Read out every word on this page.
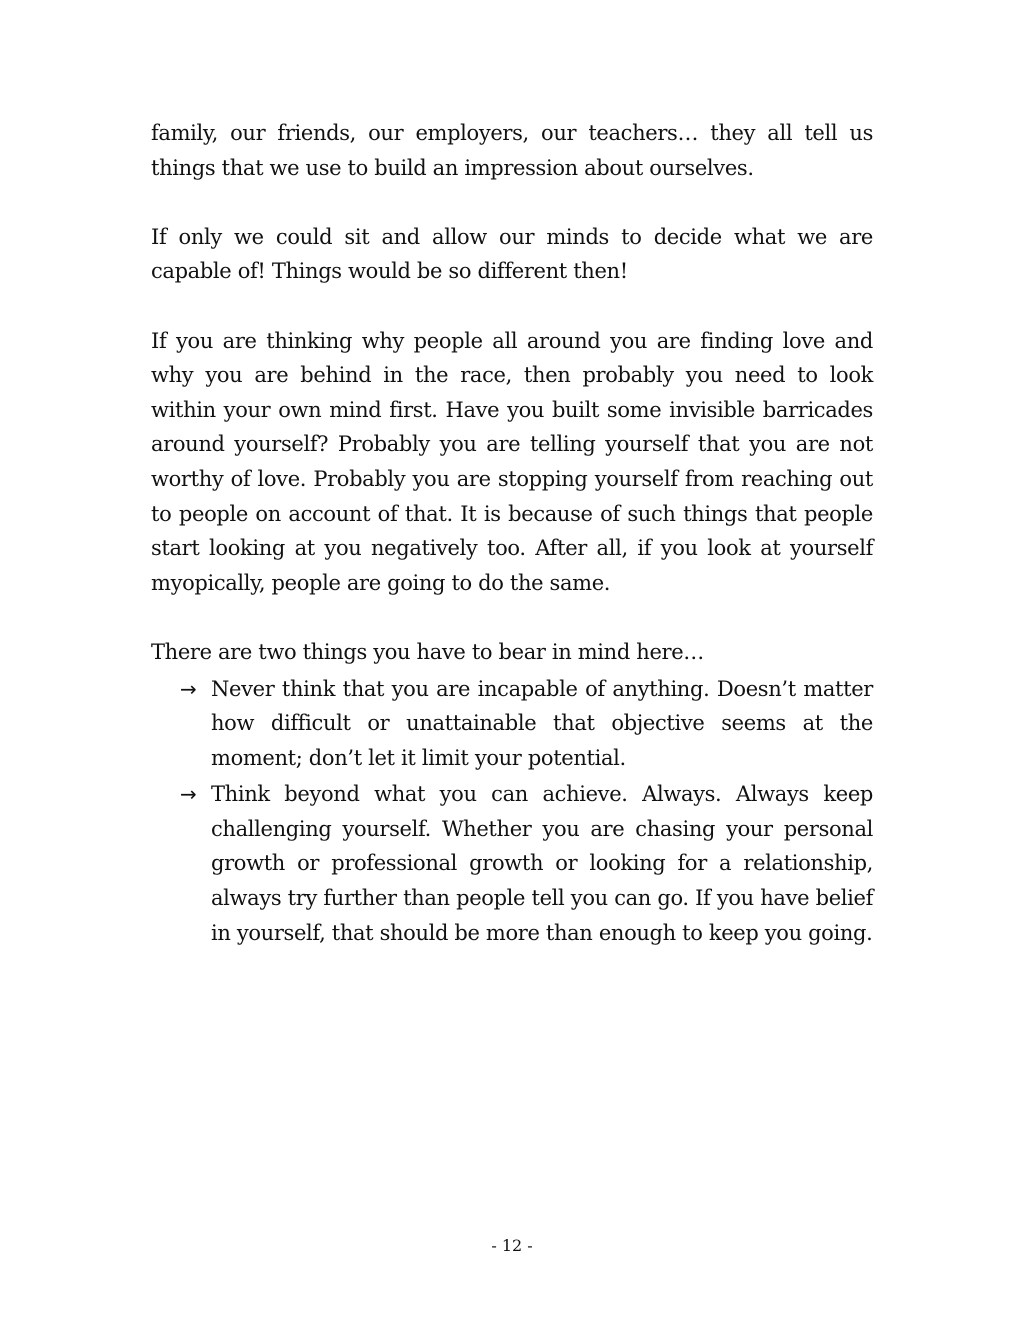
family, our friends, our employers, our teachers… they all tell us things that we use to build an impression about ourselves.

If only we could sit and allow our minds to decide what we are capable of! Things would be so different then!

If you are thinking why people all around you are finding love and why you are behind in the race, then probably you need to look within your own mind first. Have you built some invisible barricades around yourself? Probably you are telling yourself that you are not worthy of love. Probably you are stopping yourself from reaching out to people on account of that. It is because of such things that people start looking at you negatively too. After all, if you look at yourself myopically, people are going to do the same.

There are two things you have to bear in mind here…

→ Never think that you are incapable of anything. Doesn’t matter how difficult or unattainable that objective seems at the moment; don’t let it limit your potential.
→ Think beyond what you can achieve. Always. Always keep challenging yourself. Whether you are chasing your personal growth or professional growth or looking for a relationship, always try further than people tell you can go. If you have belief in yourself, that should be more than enough to keep you going.
- 12 -
